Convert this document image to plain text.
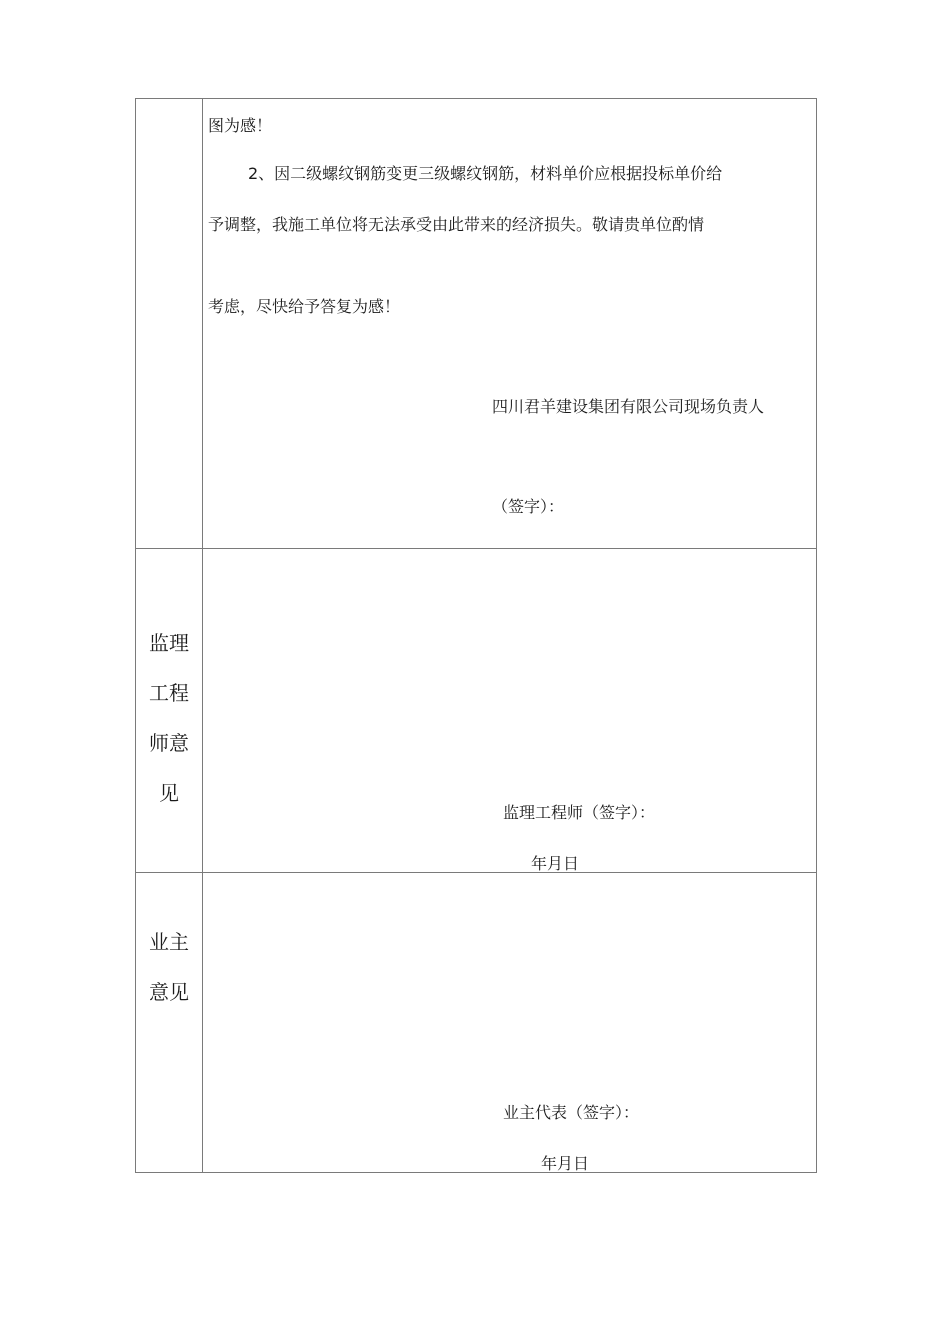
图为感！
2、因二级螺纹钢筋变更三级螺纹钢筋，材料单价应根据投标单价给
予调整，我施工单位将无法承受由此带来的经济损失。敬请贵单位酌情
考虑，尽快给予答复为感！
四川君羊建设集团有限公司现场负责人
（签字）：
监理
工程
师意
见
监理工程师（签字）：
年月日
业主
意见
业主代表（签字）：
年月日
